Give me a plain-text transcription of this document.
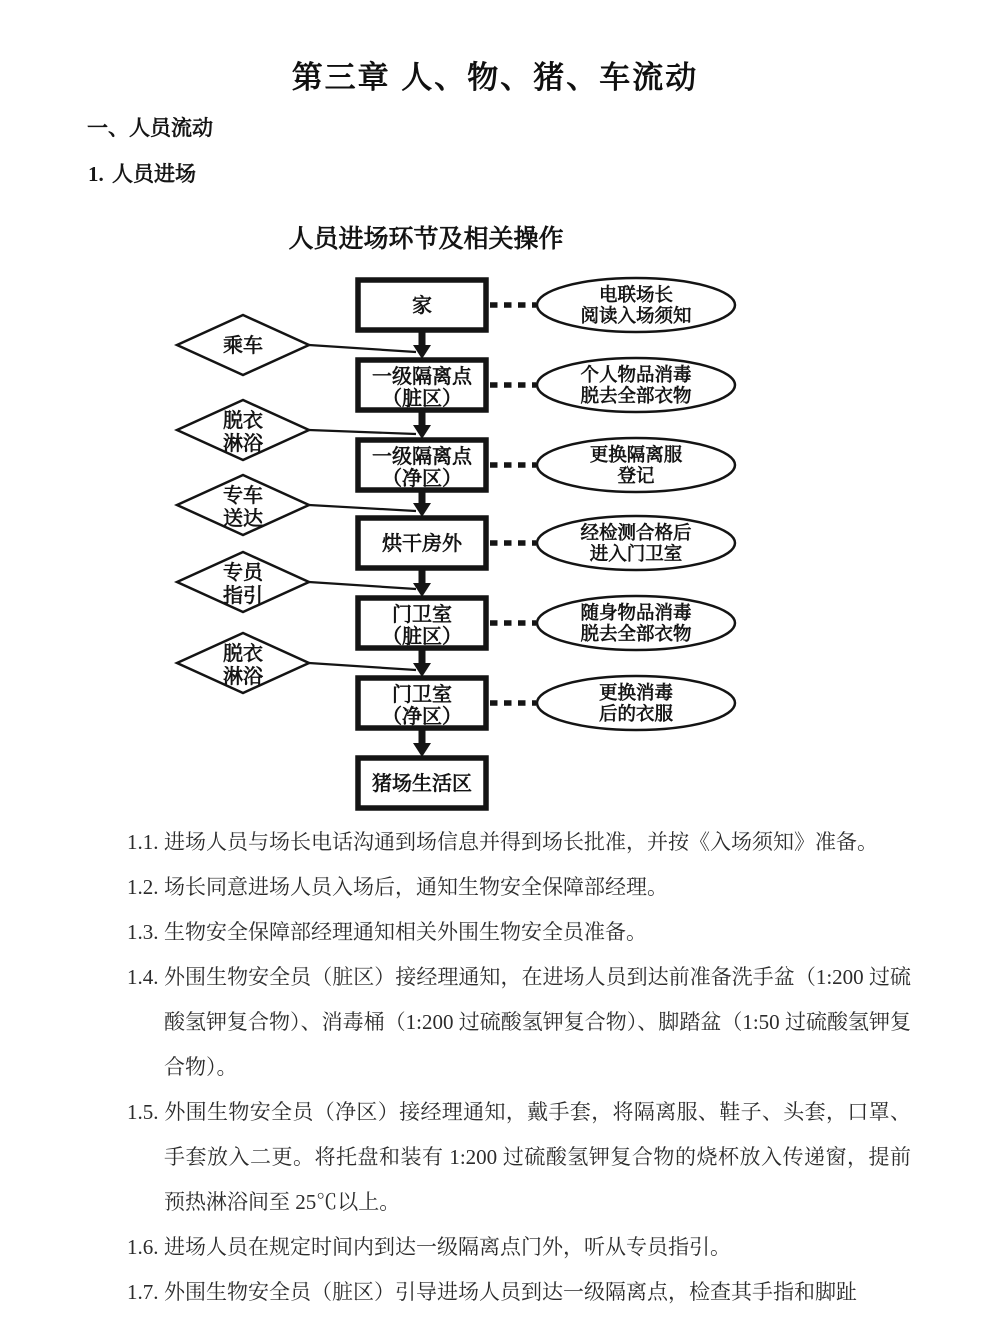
第三章 人、物、猪、车流动
一、人员流动
1. 人员进场
人员进场环节及相关操作
家
一级隔离点
（脏区）
一级隔离点
（净区）
烘干房外
门卫室
（脏区）
门卫室
（净区）
猪场生活区
乘车
脱衣
淋浴
专车
送达
专员
指引
脱衣
淋浴
电联场长
阅读入场须知
个人物品消毒
脱去全部衣物
更换隔离服
登记
经检测合格后
进入门卫室
随身物品消毒
脱去全部衣物
更换消毒
后的衣服

1.1. 进场人员与场长电话沟通到场信息并得到场长批准，并按《入场须知》准备。

1.2. 场长同意进场人员入场后，通知生物安全保障部经理。

1.3. 生物安全保障部经理通知相关外围生物安全员准备。

1.4. 外围生物安全员（脏区）接经理通知，在进场人员到达前准备洗手盆（1:200 过硫酸氢钾复合物）、消毒桶（1:200 过硫酸氢钾复合物）、脚踏盆（1:50 过硫酸氢钾复合物）。

1.5. 外围生物安全员（净区）接经理通知，戴手套，将隔离服、鞋子、头套，口罩、手套放入二更。将托盘和装有 1:200 过硫酸氢钾复合物的烧杯放入传递窗，提前预热淋浴间至 25℃以上。

1.6. 进场人员在规定时间内到达一级隔离点门外，听从专员指引。

1.7. 外围生物安全员（脏区）引导进场人员到达一级隔离点，检查其手指和脚趾
